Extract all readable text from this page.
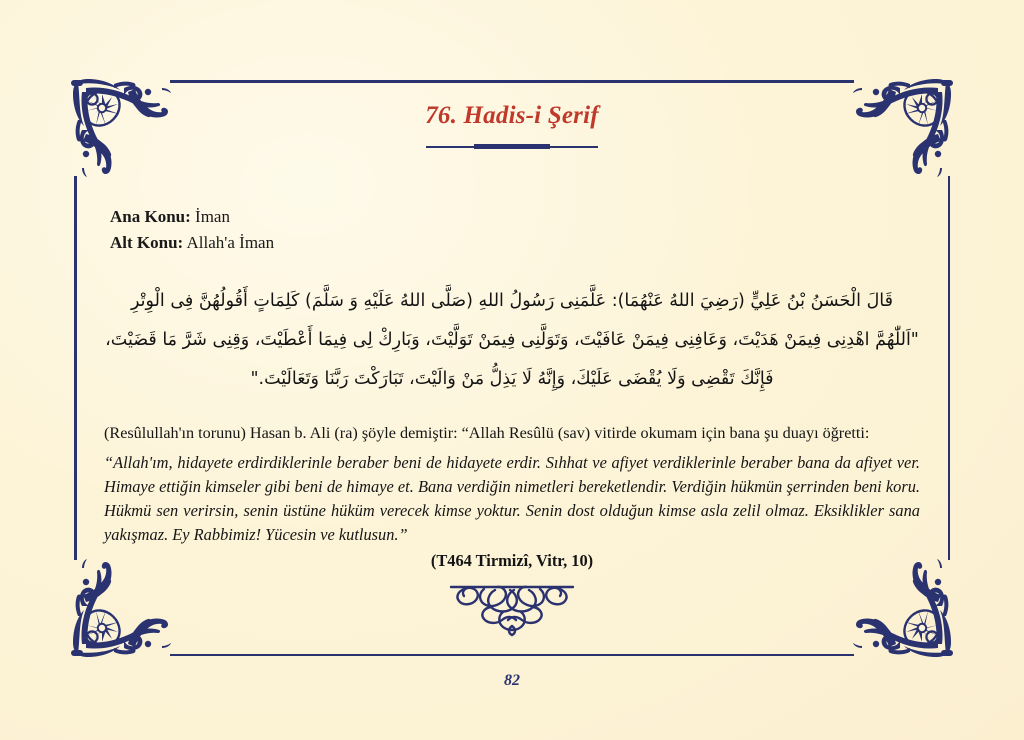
76. Hadis-i Şerif
Ana Konu: İman
Alt Konu: Allah'a İman
قَالَ الْحَسَنُ بْنُ عَلِيٍّ (رَضِيَ اللهُ عَنْهُمَا): عَلَّمَنِى رَسُولُ اللهِ (صَلَّى اللهُ عَلَيْهِ وَ سَلَّمَ) كَلِمَاتٍ أَقُولُهُنَّ فِى الْوِتْرِ
"اَللّٰهُمَّ اهْدِنِى فِيمَنْ هَدَيْتَ، وَعَافِنِى فِيمَنْ عَافَيْتَ، وَتَوَلَّنِى فِيمَنْ تَوَلَّيْتَ، وَبَارِكْ لِى فِيمَا أَعْطَيْتَ، وَقِنِى شَرَّ مَا قَضَيْتَ،
فَإِنَّكَ تَقْضِى وَلَا يُقْضَى عَلَيْكَ، وَإِنَّهُ لَا يَذِلُّ مَنْ وَالَيْتَ، تَبَارَكْتَ رَبَّنَا وَتَعَالَيْتَ."
(Resûlullah'ın torunu) Hasan b. Ali (ra) şöyle demiştir: “Allah Resûlü (sav) vitirde okumam için bana şu duayı öğretti:
“Allah'ım, hidayete erdirdiklerinle beraber beni de hidayete erdir. Sıhhat ve afiyet verdiklerinle beraber bana da afiyet ver. Himaye ettiğin kimseler gibi beni de himaye et. Bana verdiğin nimetleri bereketlendir. Verdiğin hükmün şerrinden beni koru. Hükmü sen verirsin, senin üstüne hüküm verecek kimse yoktur. Senin dost olduğun kimse asla zelil olmaz. Eksiklikler sana yakışmaz. Ey Rabbimiz! Yücesin ve kutlusun.”
(T464 Tirmizî, Vitr, 10)
82
